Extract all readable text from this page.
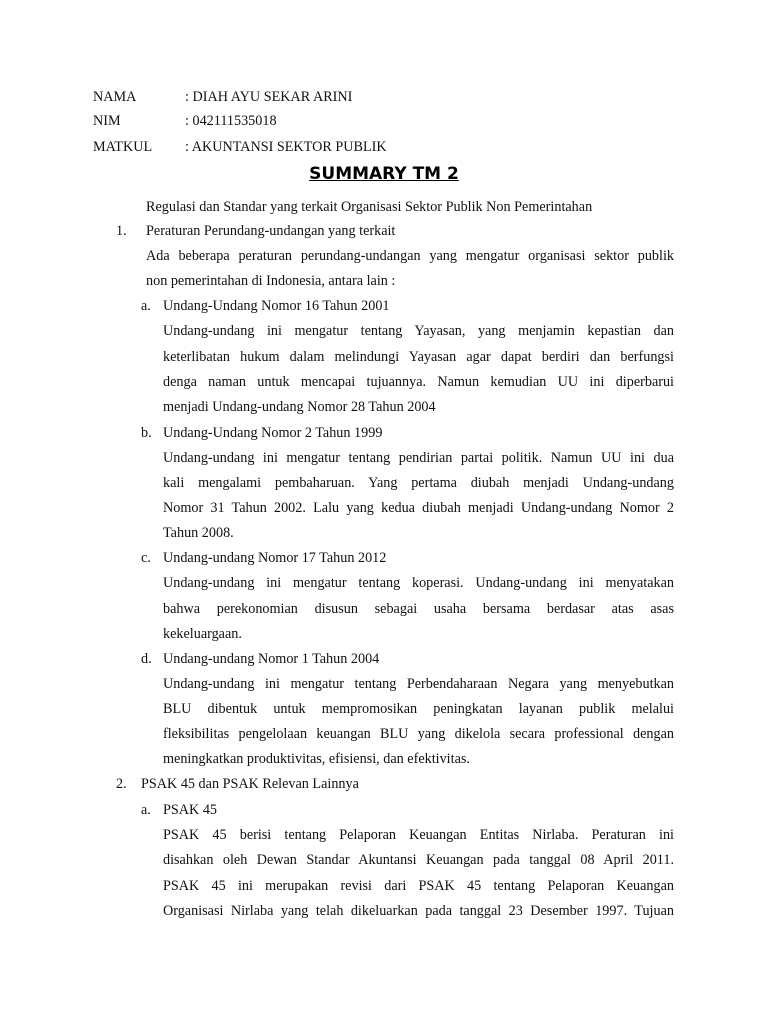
NAMA	: DIAH AYU SEKAR ARINI
NIM	: 042111535018
MATKUL : AKUNTANSI SEKTOR PUBLIK
SUMMARY TM 2
Regulasi dan Standar yang terkait Organisasi Sektor Publik Non Pemerintahan
1. Peraturan Perundang-undangan yang terkait
Ada beberapa peraturan perundang-undangan yang mengatur organisasi sektor publik
non pemerintahan di Indonesia, antara lain :
a. Undang-Undang Nomor 16 Tahun 2001
Undang-undang ini mengatur tentang Yayasan, yang menjamin kepastian dan
keterlibatan hukum dalam melindungi Yayasan agar dapat berdiri dan berfungsi
denga naman untuk mencapai tujuannya. Namun kemudian UU ini diperbarui
menjadi Undang-undang Nomor 28 Tahun 2004
b. Undang-Undang Nomor 2 Tahun 1999
Undang-undang ini mengatur tentang pendirian partai politik. Namun UU ini dua
kali mengalami pembaharuan. Yang pertama diubah menjadi Undang-undang
Nomor 31 Tahun 2002. Lalu yang kedua diubah menjadi Undang-undang Nomor 2
Tahun 2008.
c. Undang-undang Nomor 17 Tahun 2012
Undang-undang ini mengatur tentang koperasi. Undang-undang ini menyatakan
bahwa perekonomian disusun sebagai usaha bersama berdasar atas asas
kekeluargaan.
d. Undang-undang Nomor 1 Tahun 2004
Undang-undang ini mengatur tentang Perbendaharaan Negara yang menyebutkan
BLU dibentuk untuk mempromosikan peningkatan layanan publik melalui
fleksibilitas pengelolaan keuangan BLU yang dikelola secara professional dengan
meningkatkan produktivitas, efisiensi, dan efektivitas.
2. PSAK 45 dan PSAK Relevan Lainnya
a. PSAK 45
PSAK 45 berisi tentang Pelaporan Keuangan Entitas Nirlaba. Peraturan ini
disahkan oleh Dewan Standar Akuntansi Keuangan pada tanggal 08 April 2011.
PSAK 45 ini merupakan revisi dari PSAK 45 tentang Pelaporan Keuangan
Organisasi Nirlaba yang telah dikeluarkan pada tanggal 23 Desember 1997. Tujuan
